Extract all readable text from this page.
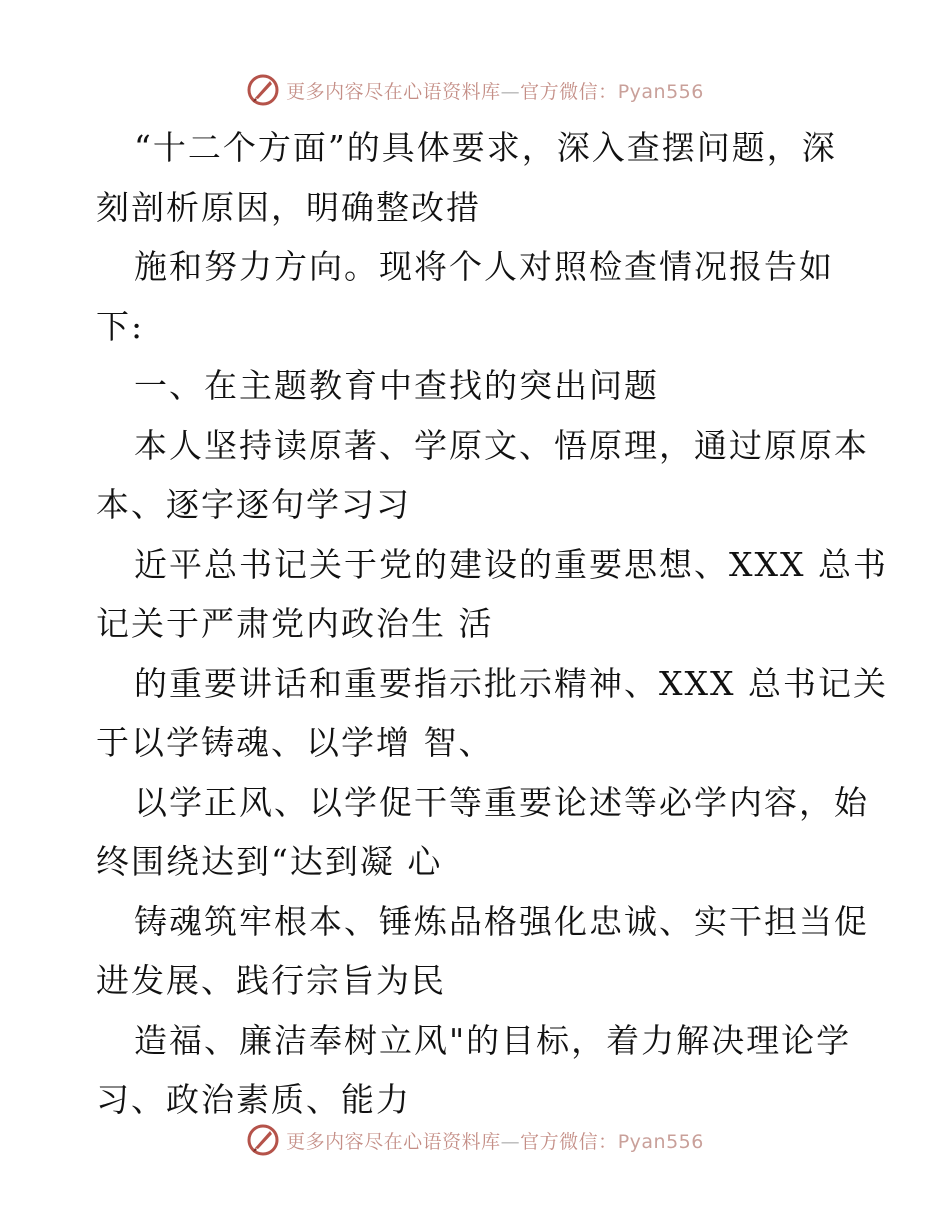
更多内容尽在心语资料库—官方微信：Pyan556
“十二个方面”的具体要求，深入查摆问题，深
刻剖析原因，明确整改措
施和努力方向。现将个人对照检查情况报告如
下:
一、在主题教育中查找的突出问题
本人坚持读原著、学原文、悟原理，通过原原本
本、逐字逐句学习习
近平总书记关于党的建设的重要思想、XXX 总书
记关于严肃党内政治生 活
的重要讲话和重要指示批示精神、XXX 总书记关
于以学铸魂、以学增 智、
以学正风、以学促干等重要论述等必学内容，始
终围绕达到“达到凝 心
铸魂筑牢根本、锤炼品格强化忠诚、实干担当促
进发展、践行宗旨为民
造福、廉洁奉树立风"的目标，着力解决理论学
习、政治素质、能力
更多内容尽在心语资料库—官方微信：Pyan556
